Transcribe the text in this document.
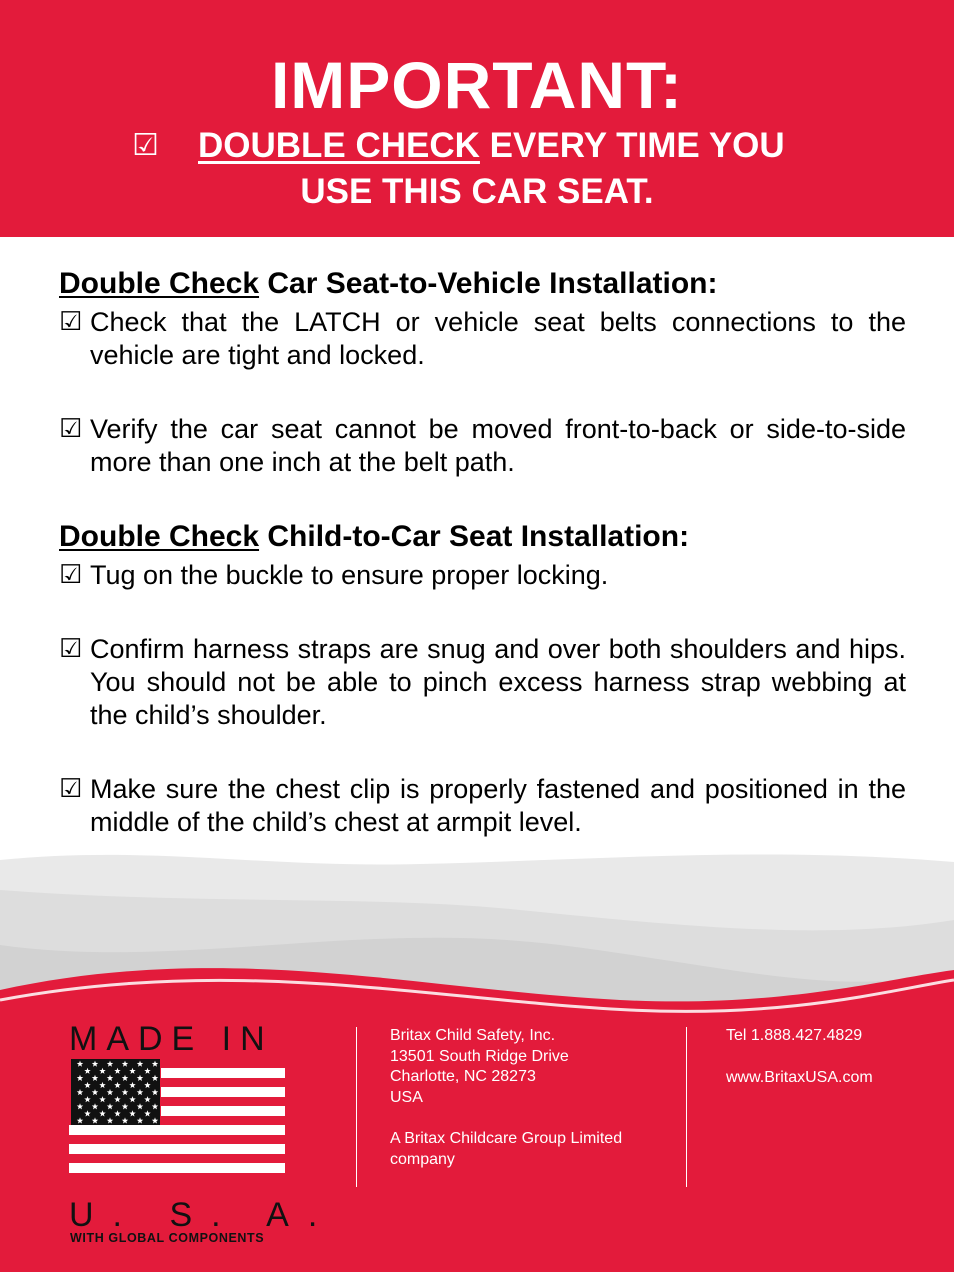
IMPORTANT:
☑ DOUBLE CHECK EVERY TIME YOU
USE THIS CAR SEAT.
Double Check Car Seat-to-Vehicle Installation:
☑ Check that the LATCH or vehicle seat belts connections to the vehicle are tight and locked.
☑ Verify the car seat cannot be moved front-to-back or side-to-side more than one inch at the belt path.
Double Check Child-to-Car Seat Installation:
☑ Tug on the buckle to ensure proper locking.
☑ Confirm harness straps are snug and over both shoulders and hips. You should not be able to pinch excess harness strap webbing at the child’s shoulder.
☑ Make sure the chest clip is properly fastened and positioned in the middle of the child’s chest at armpit level.
MADE IN
U. S. A.
WITH GLOBAL COMPONENTS
Britax Child Safety, Inc.
13501 South Ridge Drive
Charlotte, NC 28273
USA
A Britax Childcare Group Limited
company
Tel 1.888.427.4829
www.BritaxUSA.com
